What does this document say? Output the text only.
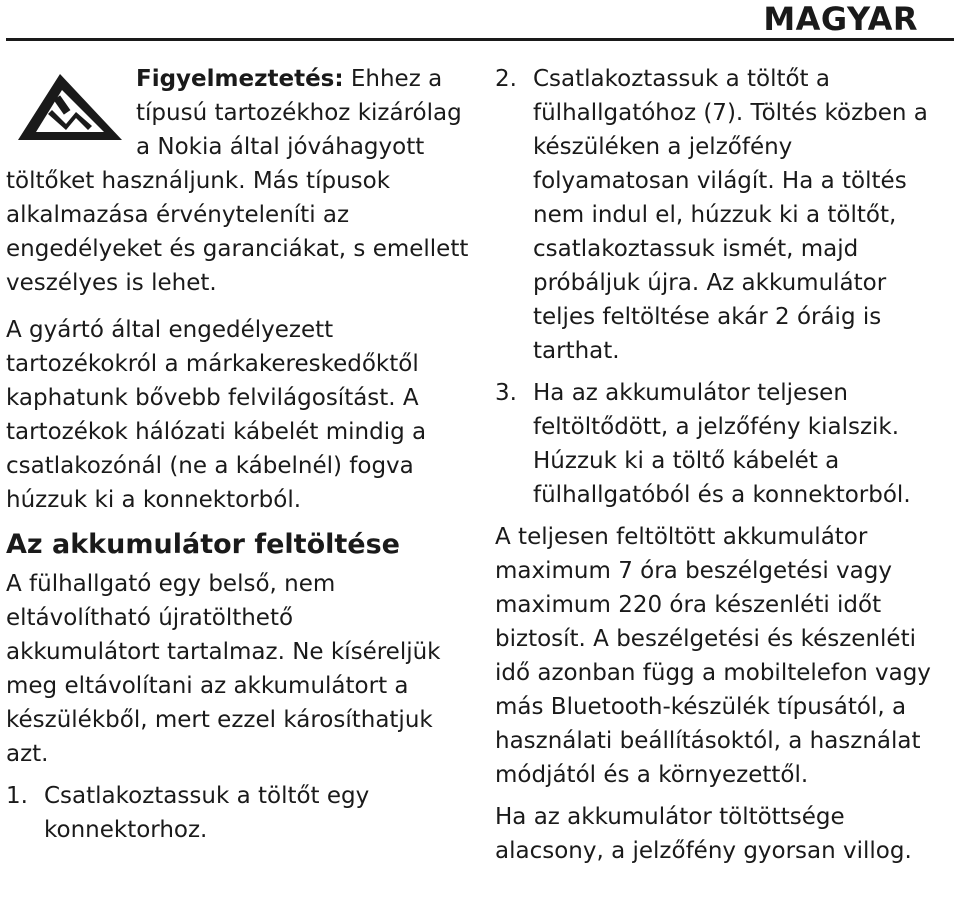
MAGYAR
Figyelmeztetés: Ehhez a
típusú tartozékhoz kizárólag
a Nokia által jóváhagyott
töltőket használjunk. Más típusok
alkalmazása érvényteleníti az
engedélyeket és garanciákat, s emellett
veszélyes is lehet.
A gyártó által engedélyezett
tartozékokról a márkakereskedőktől
kaphatunk bővebb felvilágosítást. A
tartozékok hálózati kábelét mindig a
csatlakozónál (ne a kábelnél) fogva
húzzuk ki a konnektorból.
Az akkumulátor feltöltése
A fülhallgató egy belső, nem
eltávolítható újratölthető
akkumulátort tartalmaz. Ne kíséreljük
meg eltávolítani az akkumulátort a
készülékből, mert ezzel károsíthatjuk
azt.
1. Csatlakoztassuk a töltőt egy
konnektorhoz.
2. Csatlakoztassuk a töltőt a
fülhallgatóhoz (7). Töltés közben a
készüléken a jelzőfény
folyamatosan világít. Ha a töltés
nem indul el, húzzuk ki a töltőt,
csatlakoztassuk ismét, majd
próbáljuk újra. Az akkumulátor
teljes feltöltése akár 2 óráig is
tarthat.
3. Ha az akkumulátor teljesen
feltöltődött, a jelzőfény kialszik.
Húzzuk ki a töltő kábelét a
fülhallgatóból és a konnektorból.
A teljesen feltöltött akkumulátor
maximum 7 óra beszélgetési vagy
maximum 220 óra készenléti időt
biztosít. A beszélgetési és készenléti
idő azonban függ a mobiltelefon vagy
más Bluetooth-készülék típusától, a
használati beállításoktól, a használat
módjától és a környezettől.
Ha az akkumulátor töltöttsége
alacsony, a jelzőfény gyorsan villog.
